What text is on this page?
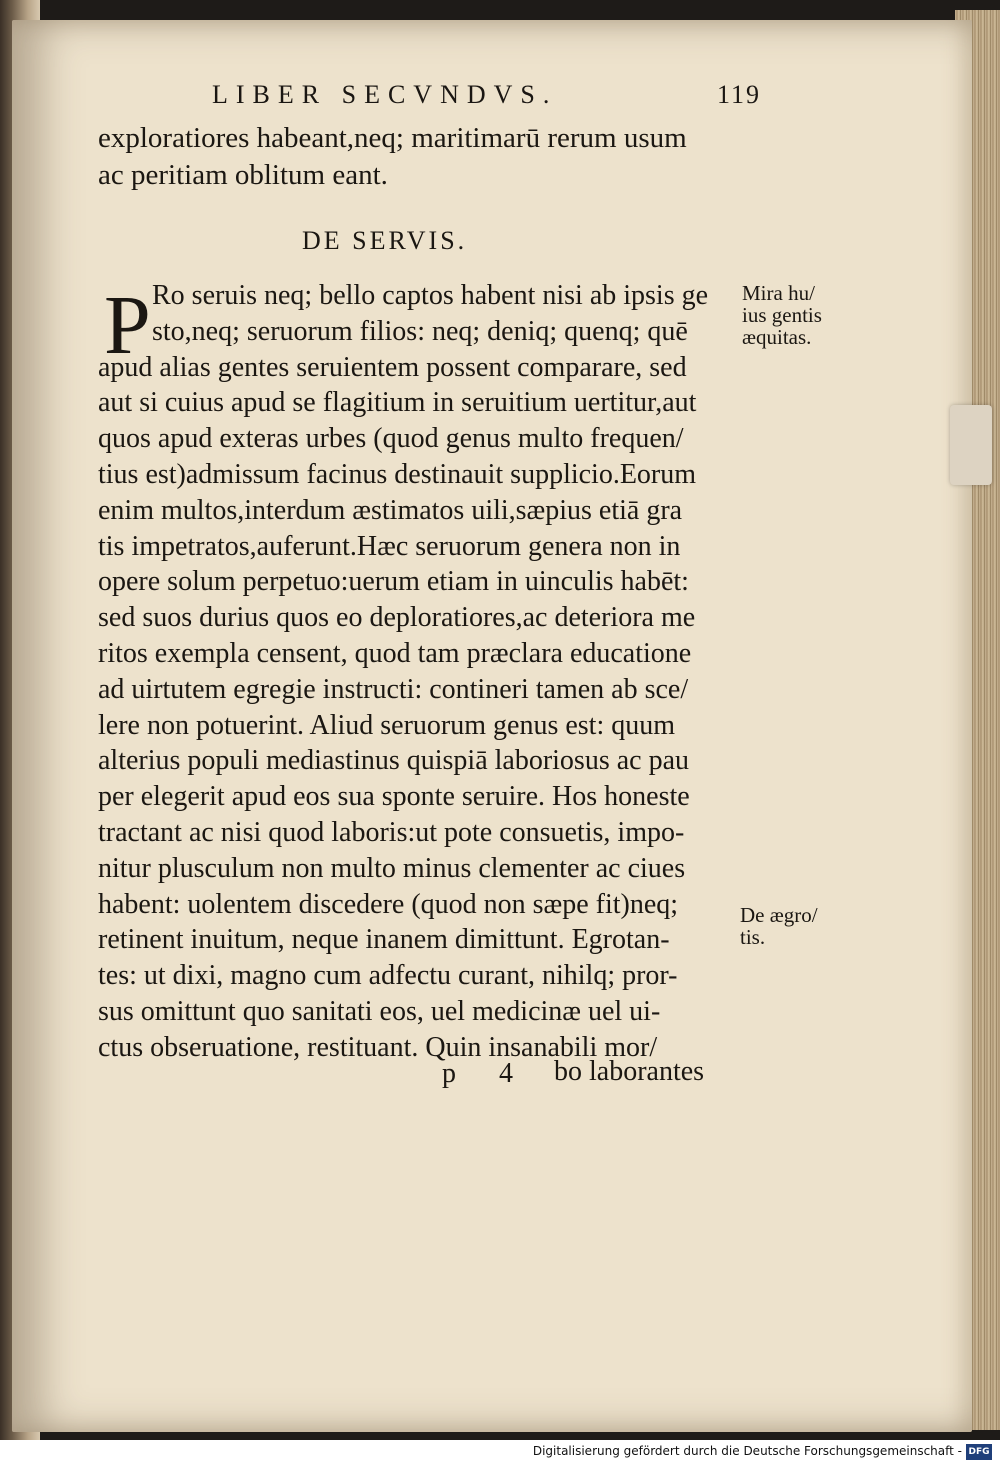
LIBER SECVNDVS.	119
exploratiores habeant,neq; maritimarū rerum usum
ac peritiam oblitum eant.
DE SERVIS.
P Ro seruis neq; bello captos habent nisi ab ipsis ge
sto,neq; seruorum filios: neq; deniq; quenq; quē
apud alias gentes seruientem possent comparare, sed
aut si cuius apud se flagitium in seruitium uertitur,aut
quos apud exteras urbes (quod genus multo frequen/
tius est)admissum facinus destinauit supplicio.Eorum
enim multos,interdum æstimatos uili,sæpius etiā gra
tis impetratos,auferunt.Hæc seruorum genera non in
opere solum perpetuo:uerum etiam in uinculis habēt:
sed suos durius quos eo deploratiores,ac deteriora me
ritos exempla censent, quod tam præclara educatione
ad uirtutem egregie instructi: contineri tamen ab sce/
lere non potuerint. Aliud seruorum genus est: quum
alterius populi mediastinus quispiā laboriosus ac pau
per elegerit apud eos sua sponte seruire. Hos honeste
tractant ac nisi quod laboris:ut pote consuetis, impo-
nitur plusculum non multo minus clementer ac ciues
habent: uolentem discedere (quod non sæpe fit)neq;
retinent inuitum, neque inanem dimittunt. Egrotan-
tes: ut dixi, magno cum adfectu curant, nihilq; pror-
sus omittunt quo sanitati eos, uel medicinæ uel ui-
ctus obseruatione, restituant. Quin insanabili mor/
Mira hu/
ius gentis
æquitas.
De ægro/
tis.
p 4 bo laborantes
Digitalisierung gefördert durch die Deutsche Forschungsgemeinschaft - DFG
